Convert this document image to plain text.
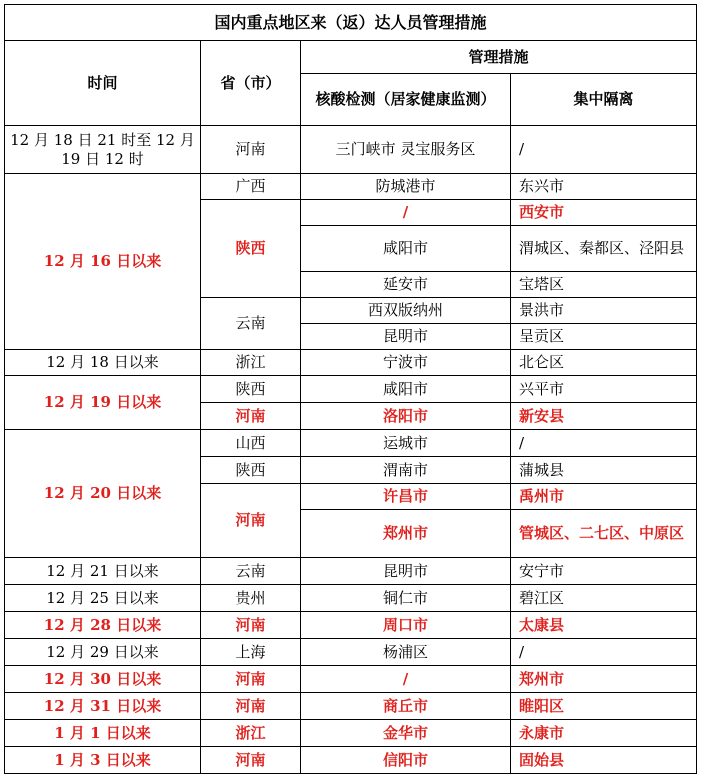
国内重点地区来（返）达人员管理措施			
时间	省（市）	管理措施	
		核酸检测（居家健康监测）	集中隔离
12 月 18 日 21 时至 12 月 19 日 12 时	河南	三门峡市 灵宝服务区	/
12 月 16 日以来	广西	防城港市	东兴市
	陕西	/	西安市
		咸阳市	渭城区、秦都区、泾阳县
		延安市	宝塔区
	云南	西双版纳州	景洪市
		昆明市	呈贡区
12 月 18 日以来	浙江	宁波市	北仑区
12 月 19 日以来	陕西	咸阳市	兴平市
	河南	洛阳市	新安县
12 月 20 日以来	山西	运城市	/
	陕西	渭南市	蒲城县
	河南	许昌市	禹州市
		郑州市	管城区、二七区、中原区
12 月 21 日以来	云南	昆明市	安宁市
12 月 25 日以来	贵州	铜仁市	碧江区
12 月 28 日以来	河南	周口市	太康县
12 月 29 日以来	上海	杨浦区	/
12 月 30 日以来	河南	/	郑州市
12 月 31 日以来	河南	商丘市	睢阳区
1 月 1 日以来	浙江	金华市	永康市
1 月 3 日以来	河南	信阳市	固始县
